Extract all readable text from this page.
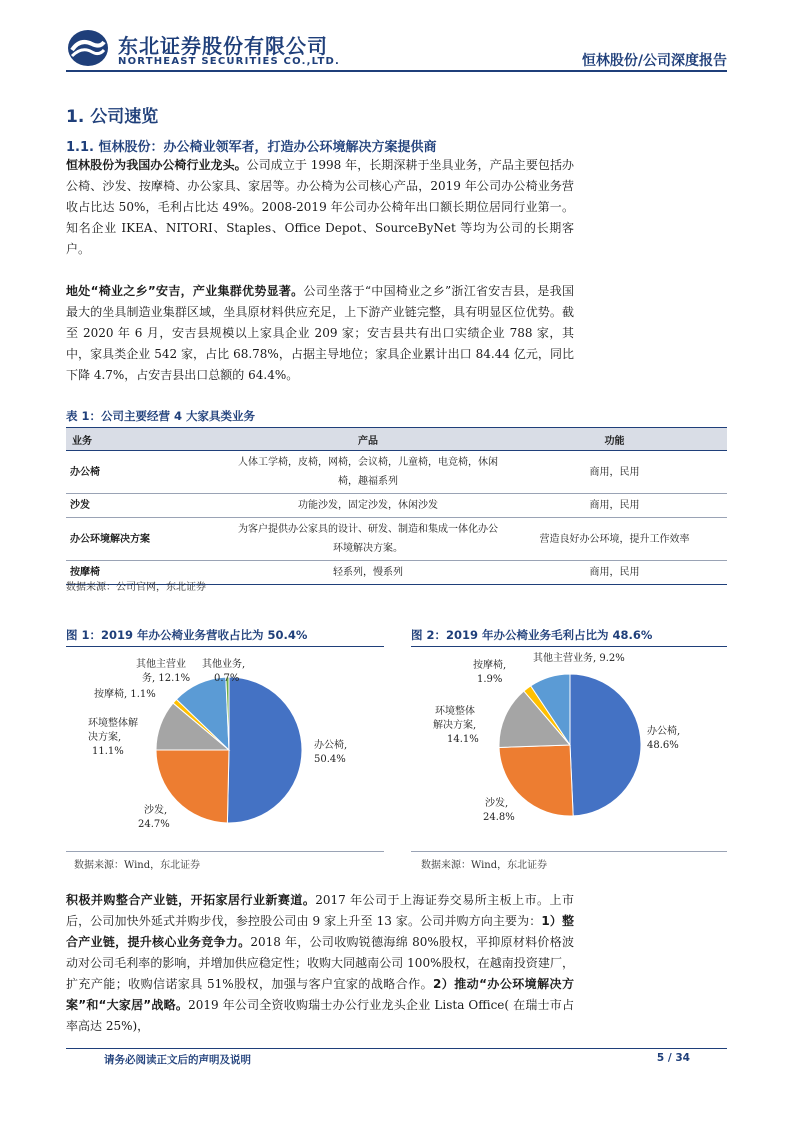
东北证券股份有限公司
NORTHEAST SECURITIES CO.,LTD.	恒林股份/公司深度报告
1. 公司速览
1.1. 恒林股份：办公椅业领军者，打造办公环境解决方案提供商
恒林股份为我国办公椅行业龙头。公司成立于 1998 年，长期深耕于坐具业务，产品主要包括办公椅、沙发、按摩椅、办公家具、家居等。办公椅为公司核心产品，2019 年公司办公椅业务营收占比达 50%，毛利占比达 49%。2008-2019 年公司办公椅年出口额长期位居同行业第一。知名企业 IKEA、NITORI、Staples、Office Depot、SourceByNet 等均为公司的长期客户。
地处“椅业之乡”安吉，产业集群优势显著。公司坐落于“中国椅业之乡”浙江省安吉县，是我国最大的坐具制造业集群区域，坐具原材料供应充足，上下游产业链完整，具有明显区位优势。截至 2020 年 6 月，安吉县规模以上家具企业 209 家；安吉县共有出口实绩企业 788 家，其中，家具类企业 542 家，占比 68.78%，占据主导地位；家具企业累计出口 84.44 亿元，同比下降 4.7%，占安吉县出口总额的 64.4%。
表 1：公司主要经营 4 大家具类业务
业务	产品	功能
办公椅	人体工学椅，皮椅，网椅，会议椅，儿童椅，电竞椅，休闲椅，趣福系列	商用，民用
沙发	功能沙发，固定沙发，休闲沙发	商用，民用
办公环境解决方案	为客户提供办公家具的设计、研发、制造和集成一体化办公环境解决方案。	营造良好办公环境，提升工作效率
按摩椅	轻系列，慢系列	商用，民用
数据来源：公司官网，东北证券
图 1：2019 年办公椅业务营收占比为 50.4%
办公椅,
50.4%
沙发,
24.7%
环境整体解
决方案,
11.1%
按摩椅, 1.1%
其他主营业
务, 12.1%
其他业务,
0.7%
数据来源：Wind，东北证券
图 2：2019 年办公椅业务毛利占比为 48.6%
办公椅,
48.6%
沙发,
24.8%
环境整体
解决方案,
14.1%
按摩椅,
1.9%
其他主营业务, 9.2%
数据来源：Wind，东北证券
积极并购整合产业链，开拓家居行业新赛道。2017 年公司于上海证券交易所主板上市。上市后，公司加快外延式并购步伐，参控股公司由 9 家上升至 13 家。公司并购方向主要为：1）整合产业链，提升核心业务竞争力。2018 年，公司收购锐德海绵 80%股权，平抑原材料价格波动对公司毛利率的影响，并增加供应稳定性；收购大同越南公司 100%股权，在越南投资建厂，扩充产能；收购信诺家具 51%股权，加强与客户宜家的战略合作。2）推动“办公环境解决方案”和“大家居”战略。2019 年公司全资收购瑞士办公行业龙头企业 Lista Office( 在瑞士市占率高达 25%)，
请务必阅读正文后的声明及说明	5 / 34
